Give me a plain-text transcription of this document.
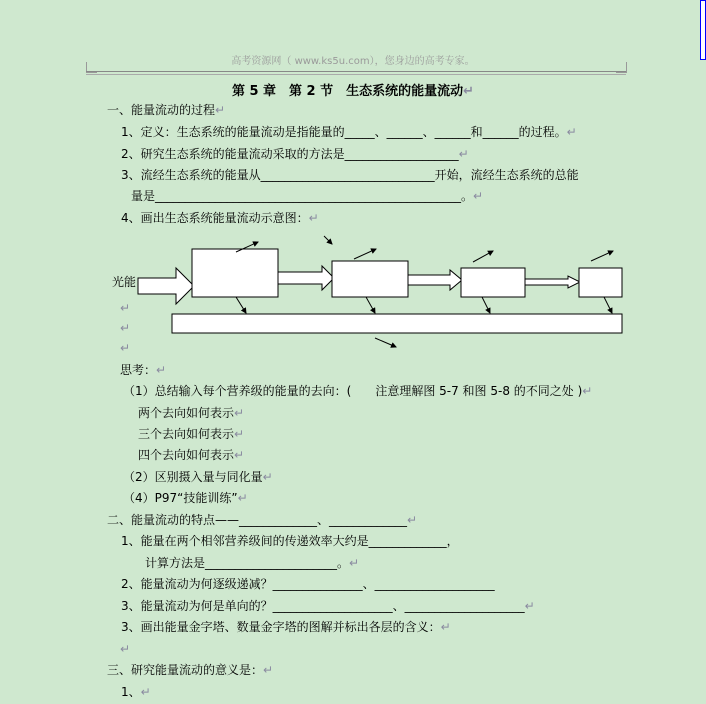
高考资源网（ www.ks5u.com），您身边的高考专家。
第 5 章　第 2 节　生态系统的能量流动↵
一、能量流动的过程↵
1、定义：生态系统的能量流动是指能量的_____、______、______和______的过程。↵
2、研究生态系统的能量流动采取的方法是___________________↵
3、流经生态系统的能量从_____________________________开始，流经生态系统的总能
量是___________________________________________________。↵
4、画出生态系统能量流动示意图：↵
光能
↵
↵
↵
思考：↵
（1）总结输入每个营养级的能量的去向：(　　注意理解图 5-7 和图 5-8 的不同之处 )↵
两个去向如何表示↵
三个去向如何表示↵
四个去向如何表示↵
（2）区别摄入量与同化量↵
（4）P97“技能训练”↵
二、能量流动的特点——_____________、_____________↵
1、能量在两个相邻营养级间的传递效率大约是_____________，
计算方法是______________________。↵
2、能量流动为何逐级递减？_______________、____________________
3、能量流动为何是单向的？____________________、____________________↵
3、画出能量金字塔、数量金字塔的图解并标出各层的含义：↵
↵
三、研究能量流动的意义是：↵
1、↵
